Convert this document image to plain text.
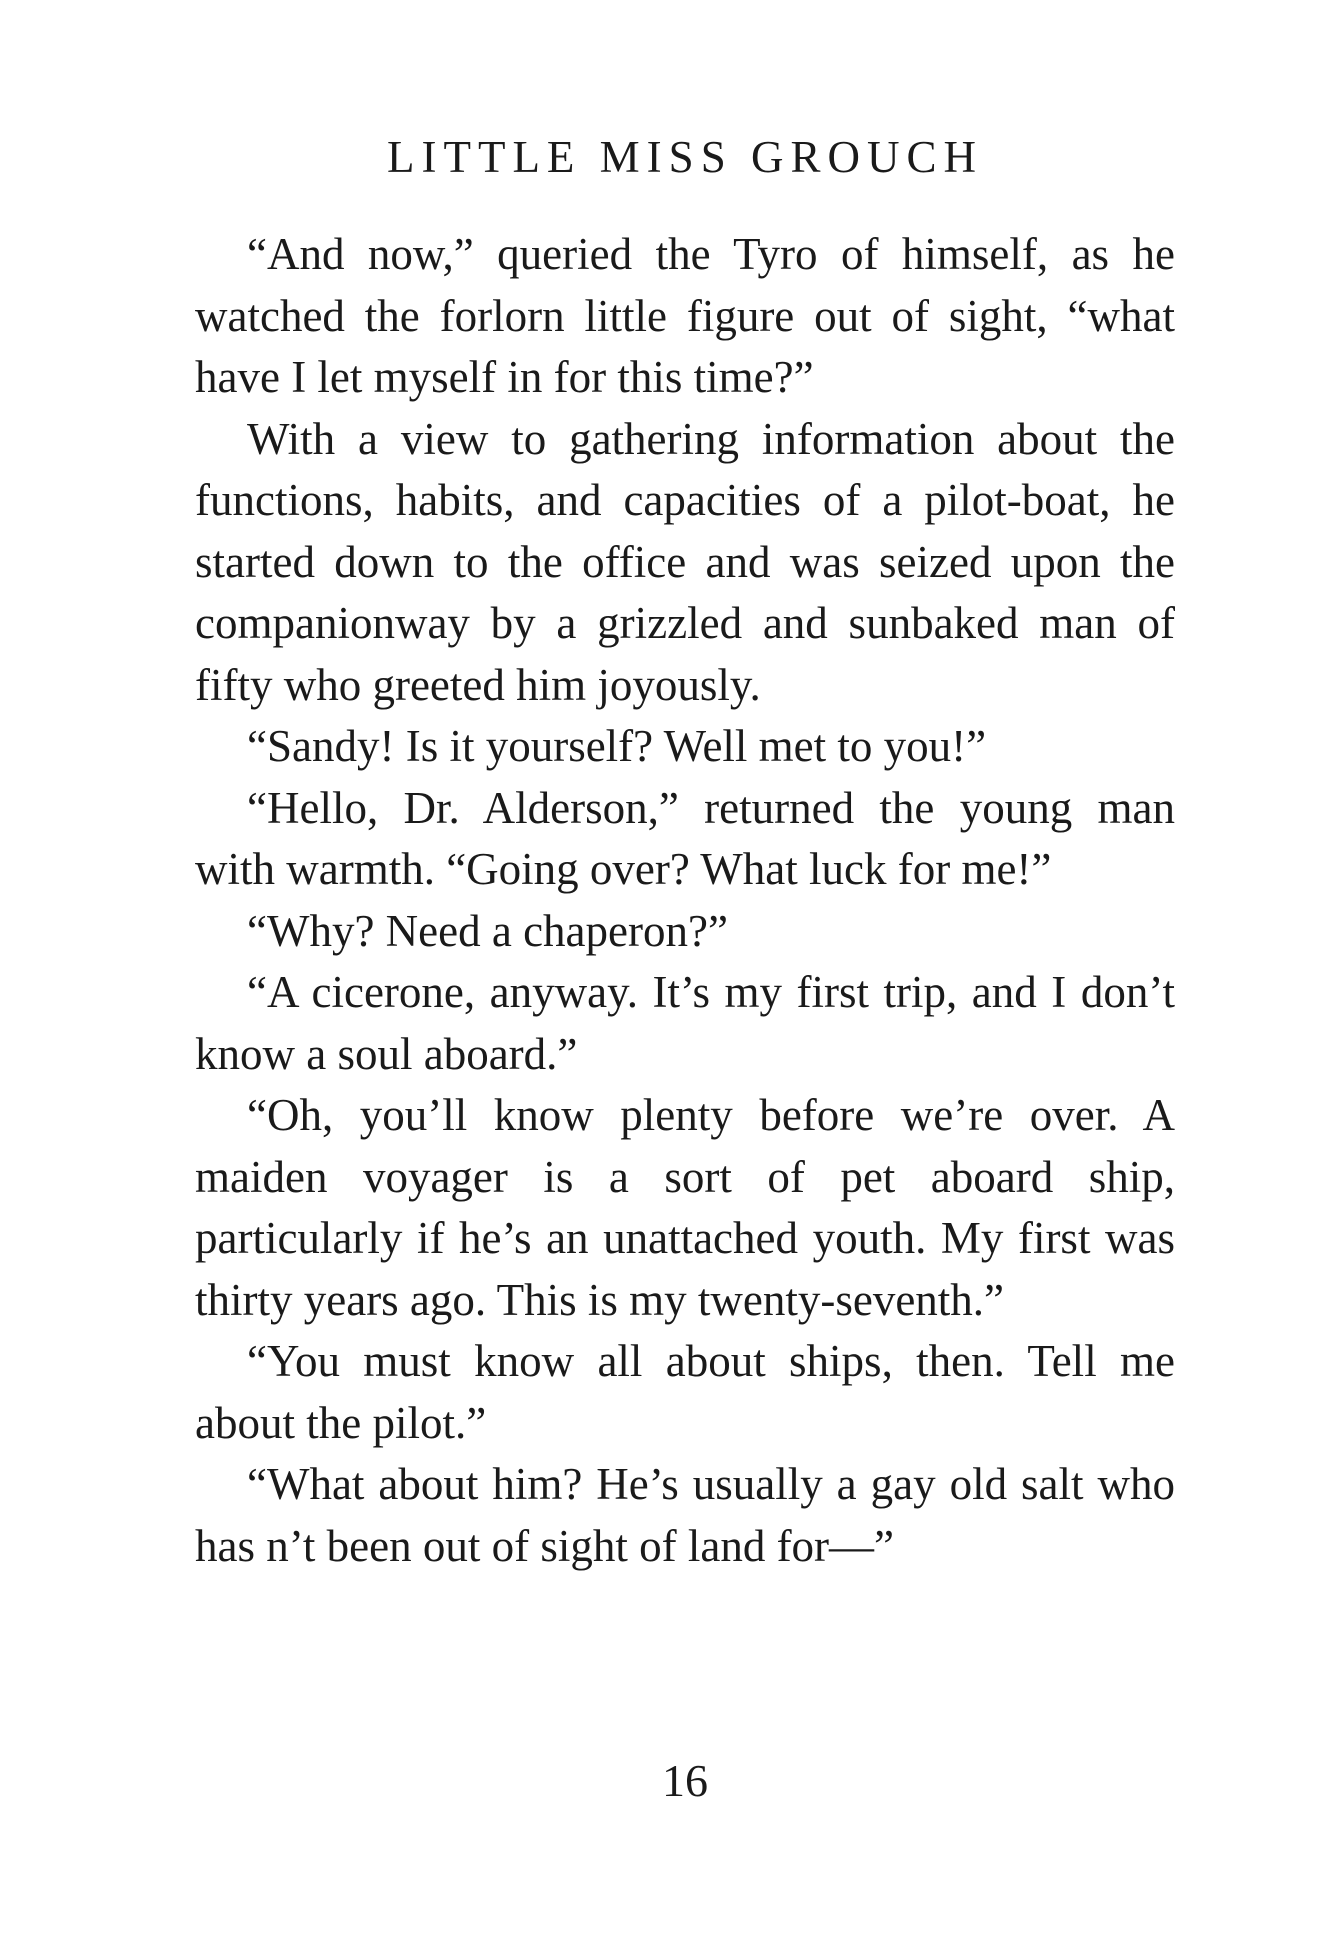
LITTLE MISS GROUCH

“And now,” queried the Tyro of himself, as he watched the forlorn little figure out of sight, “what have I let myself in for this time?”

With a view to gathering information about the functions, habits, and capacities of a pilot-boat, he started down to the office and was seized upon the companionway by a grizzled and sunbaked man of fifty who greeted him joyously.

“Sandy! Is it yourself? Well met to you!”

“Hello, Dr. Alderson,” returned the young man with warmth. “Going over? What luck for me!”

“Why? Need a chaperon?”

“A cicerone, anyway. It’s my first trip, and I don’t know a soul aboard.”

“Oh, you’ll know plenty before we’re over. A maiden voyager is a sort of pet aboard ship, particularly if he’s an unattached youth. My first was thirty years ago. This is my twenty-seventh.”

“You must know all about ships, then. Tell me about the pilot.”

“What about him? He’s usually a gay old salt who has n’t been out of sight of land for—”

16
